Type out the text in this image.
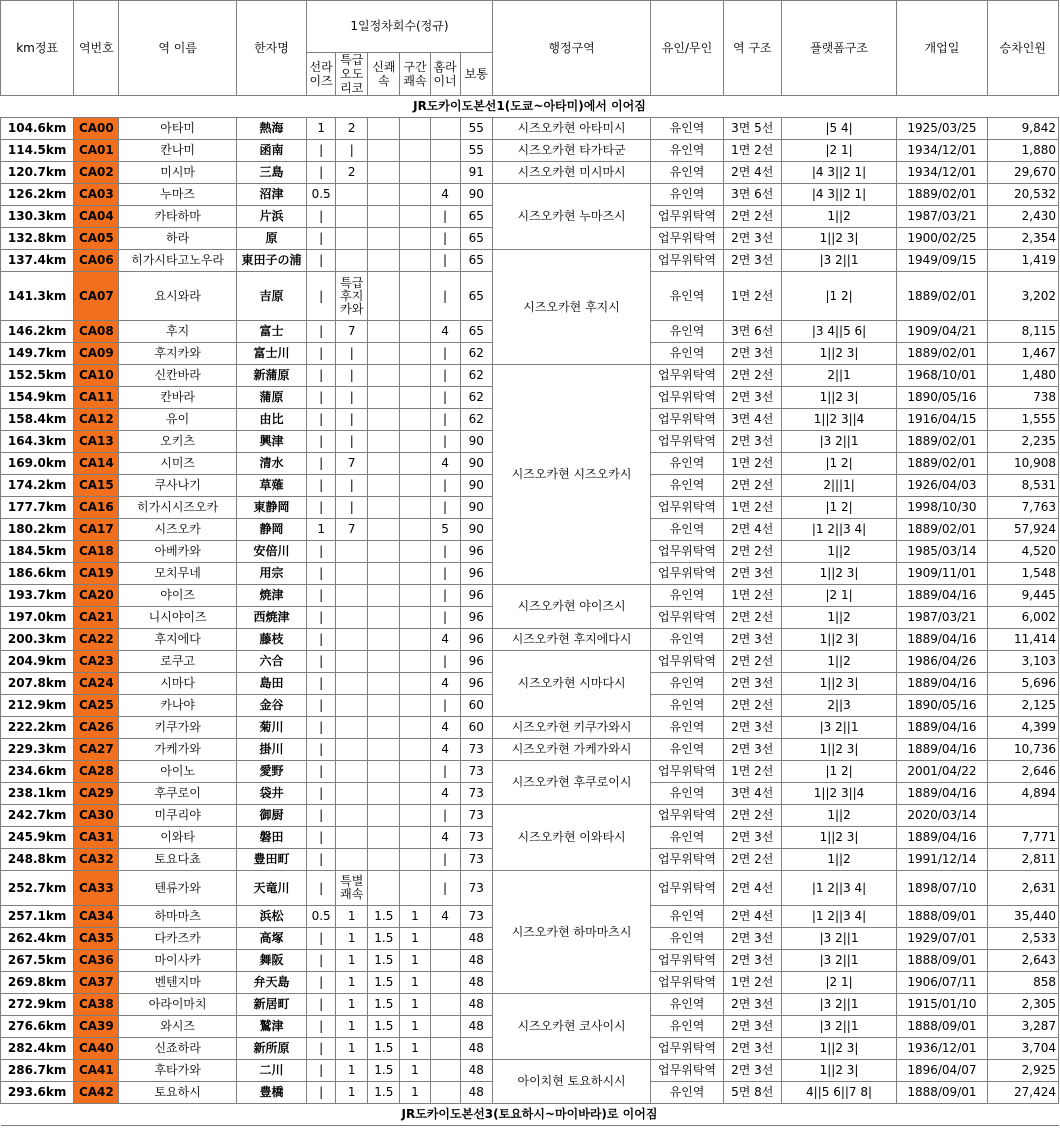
km정표	역번호	역 이름	한자명	1일정차회수(정규)						행정구역	유인/무인	역 구조	플랫폼구조	개업일	승차인원
				선라이즈	특급오도리코	신쾌속	구간쾌속	홈라이너	보통						
JR도카이도본선1(도쿄~아타미)에서 이어짐															
104.6km	CA00	아타미	熱海	1	2				55	시즈오카현 아타미시	유인역	3면 5선	|5 4|	1925/03/25	9,842
114.5km	CA01	칸나미	函南	|	|				55	시즈오카현 타가타군	유인역	1면 2선	|2 1|	1934/12/01	1,880
120.7km	CA02	미시마	三島	|	2				91	시즈오카현 미시마시	유인역	2면 4선	|4 3||2 1|	1934/12/01	29,670
126.2km	CA03	누마즈	沼津	0.5				4	90	시즈오카현 누마즈시	유인역	3면 6선	|4 3||2 1|	1889/02/01	20,532
130.3km	CA04	카타하마	片浜	|				|	65		업무위탁역	2면 2선	1||2	1987/03/21	2,430
132.8km	CA05	하라	原	|				|	65		업무위탁역	2면 3선	1||2 3|	1900/02/25	2,354
137.4km	CA06	히가시타고노우라	東田子の浦	|				|	65	시즈오카현 후지시	업무위탁역	2면 3선	|3 2||1	1949/09/15	1,419
141.3km	CA07	요시와라	吉原	|	특급후지카와			|	65		유인역	1면 2선	|1 2|	1889/02/01	3,202
146.2km	CA08	후지	富士	|	7			4	65		유인역	3면 6선	|3 4||5 6|	1909/04/21	8,115
149.7km	CA09	후지카와	富士川	|	|			|	62		유인역	2면 3선	1||2 3|	1889/02/01	1,467
152.5km	CA10	신칸바라	新蒲原	|	|			|	62	시즈오카현 시즈오카시	업무위탁역	2면 2선	2||1	1968/10/01	1,480
154.9km	CA11	칸바라	蒲原	|	|			|	62		업무위탁역	2면 3선	1||2 3|	1890/05/16	738
158.4km	CA12	유이	由比	|	|			|	62		업무위탁역	3면 4선	1||2 3||4	1916/04/15	1,555
164.3km	CA13	오키츠	興津	|	|			|	90		업무위탁역	2면 3선	|3 2||1	1889/02/01	2,235
169.0km	CA14	시미즈	清水	|	7			4	90		유인역	1면 2선	|1 2|	1889/02/01	10,908
174.2km	CA15	쿠사나기	草薙	|	|			|	90		유인역	2면 2선	2|||1|	1926/04/03	8,531
177.7km	CA16	히가시시즈오카	東静岡	|	|			|	90		업무위탁역	1면 2선	|1 2|	1998/10/30	7,763
180.2km	CA17	시즈오카	静岡	1	7			5	90		유인역	2면 4선	|1 2||3 4|	1889/02/01	57,924
184.5km	CA18	아베카와	安倍川	|				|	96		업무위탁역	2면 2선	1||2	1985/03/14	4,520
186.6km	CA19	모치무네	用宗	|				|	96		업무위탁역	2면 3선	1||2 3|	1909/11/01	1,548
193.7km	CA20	야이즈	焼津	|				|	96	시즈오카현 야이즈시	유인역	1면 2선	|2 1|	1889/04/16	9,445
197.0km	CA21	니시야이즈	西焼津	|				|	96		업무위탁역	2면 2선	1||2	1987/03/21	6,002
200.3km	CA22	후지에다	藤枝	|				4	96	시즈오카현 후지에다시	유인역	2면 3선	1||2 3|	1889/04/16	11,414
204.9km	CA23	로쿠고	六合	|				|	96	시즈오카현 시마다시	업무위탁역	2면 2선	1||2	1986/04/26	3,103
207.8km	CA24	시마다	島田	|				4	96		유인역	2면 3선	1||2 3|	1889/04/16	5,696
212.9km	CA25	카나야	金谷	|				|	60		유인역	2면 2선	2||3	1890/05/16	2,125
222.2km	CA26	키쿠가와	菊川	|				4	60	시즈오카현 키쿠가와시	유인역	2면 3선	|3 2||1	1889/04/16	4,399
229.3km	CA27	가케가와	掛川	|				4	73	시즈오카현 가케가와시	유인역	2면 3선	1||2 3|	1889/04/16	10,736
234.6km	CA28	아이노	愛野	|				|	73	시즈오카현 후쿠로이시	업무위탁역	1면 2선	|1 2|	2001/04/22	2,646
238.1km	CA29	후쿠로이	袋井	|				4	73		유인역	3면 4선	1||2 3||4	1889/04/16	4,894
242.7km	CA30	미쿠리야	御厨	|				|	73	시즈오카현 이와타시	업무위탁역	2면 2선	1||2	2020/03/14	
245.9km	CA31	이와타	磐田	|				4	73		유인역	2면 3선	1||2 3|	1889/04/16	7,771
248.8km	CA32	토요다쵸	豊田町	|				|	73		업무위탁역	2면 2선	1||2	1991/12/14	2,811
252.7km	CA33	텐류가와	天竜川	|	특별쾌속			|	73	시즈오카현 하마마츠시	업무위탁역	2면 4선	|1 2||3 4|	1898/07/10	2,631
257.1km	CA34	하마마츠	浜松	0.5	1	1.5	1	4	73		유인역	2면 4선	|1 2||3 4|	1888/09/01	35,440
262.4km	CA35	다카즈카	高塚	|	1	1.5	1		48		유인역	2면 3선	|3 2||1	1929/07/01	2,533
267.5km	CA36	마이사카	舞阪	|	1	1.5	1		48		업무위탁역	2면 3선	|3 2||1	1888/09/01	2,643
269.8km	CA37	벤텐지마	弁天島	|	1	1.5	1		48		업무위탁역	1면 2선	|2 1|	1906/07/11	858
272.9km	CA38	아라이마치	新居町	|	1	1.5	1		48	시즈오카현 코사이시	유인역	2면 3선	|3 2||1	1915/01/10	2,305
276.6km	CA39	와시즈	鷲津	|	1	1.5	1		48		유인역	2면 3선	|3 2||1	1888/09/01	3,287
282.4km	CA40	신죠하라	新所原	|	1	1.5	1		48		업무위탁역	2면 3선	1||2 3|	1936/12/01	3,704
286.7km	CA41	후타가와	二川	|	1	1.5	1		48	아이치현 토요하시시	업무위탁역	2면 3선	1||2 3|	1896/04/07	2,925
293.6km	CA42	토요하시	豊橋	|	1	1.5	1		48		유인역	5면 8선	4||5 6||7 8|	1888/09/01	27,424
JR도카이도본선3(토요하시~마이바라)로 이어짐															
